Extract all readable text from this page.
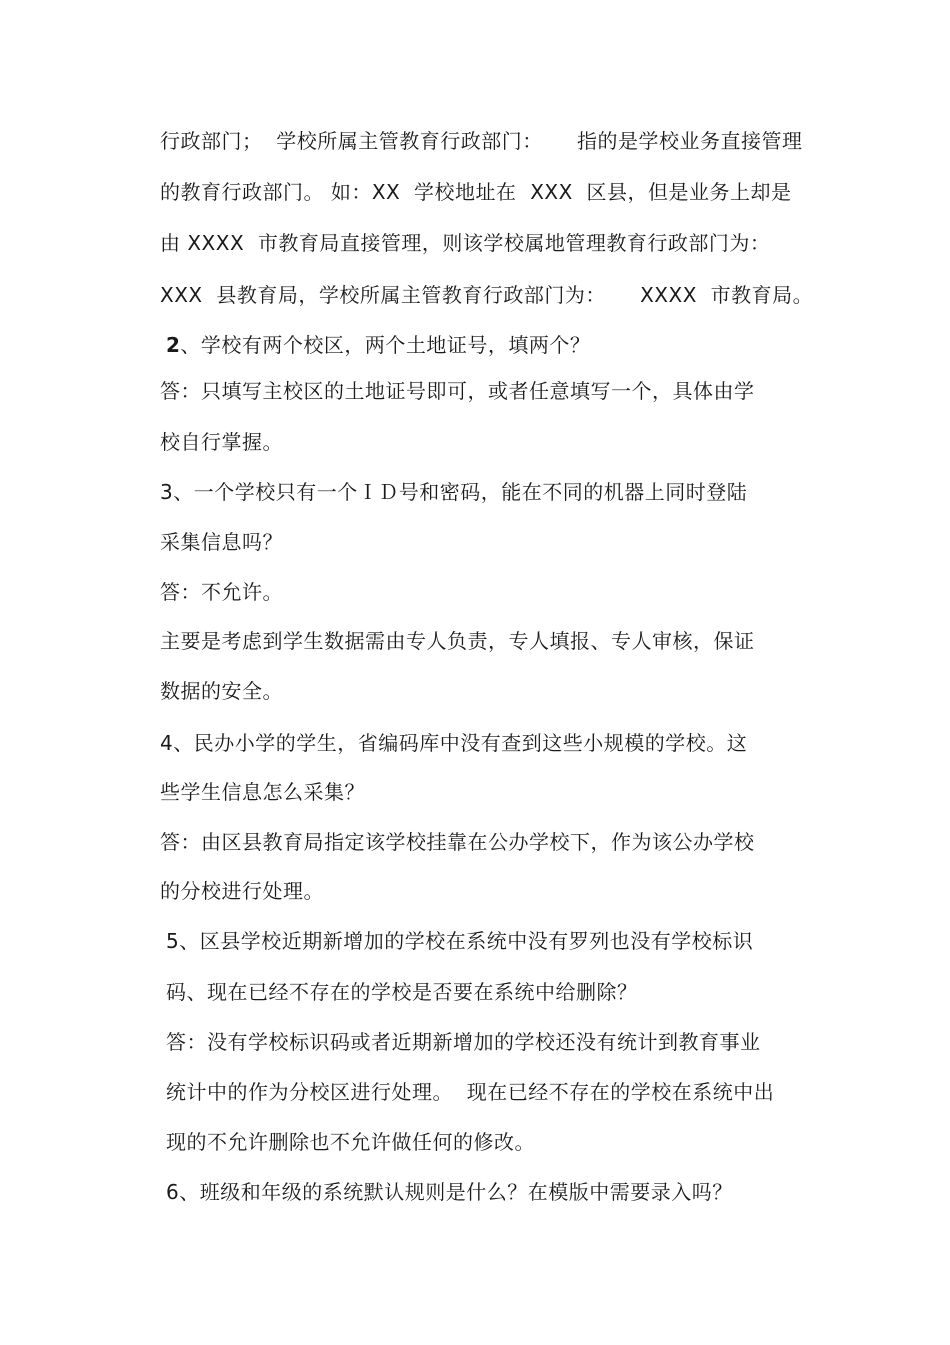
行政部门；  学校所属主管教育行政部门：     指的是学校业务直接管理
的教育行政部门。 如：XX  学校地址在  XXX  区县，但是业务上却是
由 XXXX  市教育局直接管理，则该学校属地管理教育行政部门为：
XXX  县教育局，学校所属主管教育行政部门为：     XXXX  市教育局。
2、学校有两个校区，两个土地证号，填两个？
答：只填写主校区的土地证号即可，或者任意填写一个，具体由学
校自行掌握。
3、一个学校只有一个ＩＤ号和密码，能在不同的机器上同时登陆
采集信息吗？
答：不允许。
主要是考虑到学生数据需由专人负责，专人填报、专人审核，保证
数据的安全。
4、民办小学的学生，省编码库中没有查到这些小规模的学校。这
些学生信息怎么采集？
答：由区县教育局指定该学校挂靠在公办学校下，作为该公办学校
的分校进行处理。
5、区县学校近期新增加的学校在系统中没有罗列也没有学校标识
码、现在已经不存在的学校是否要在系统中给删除？
答：没有学校标识码或者近期新增加的学校还没有统计到教育事业
统计中的作为分校区进行处理。  现在已经不存在的学校在系统中出
现的不允许删除也不允许做任何的修改。
6、班级和年级的系统默认规则是什么？在模版中需要录入吗？
